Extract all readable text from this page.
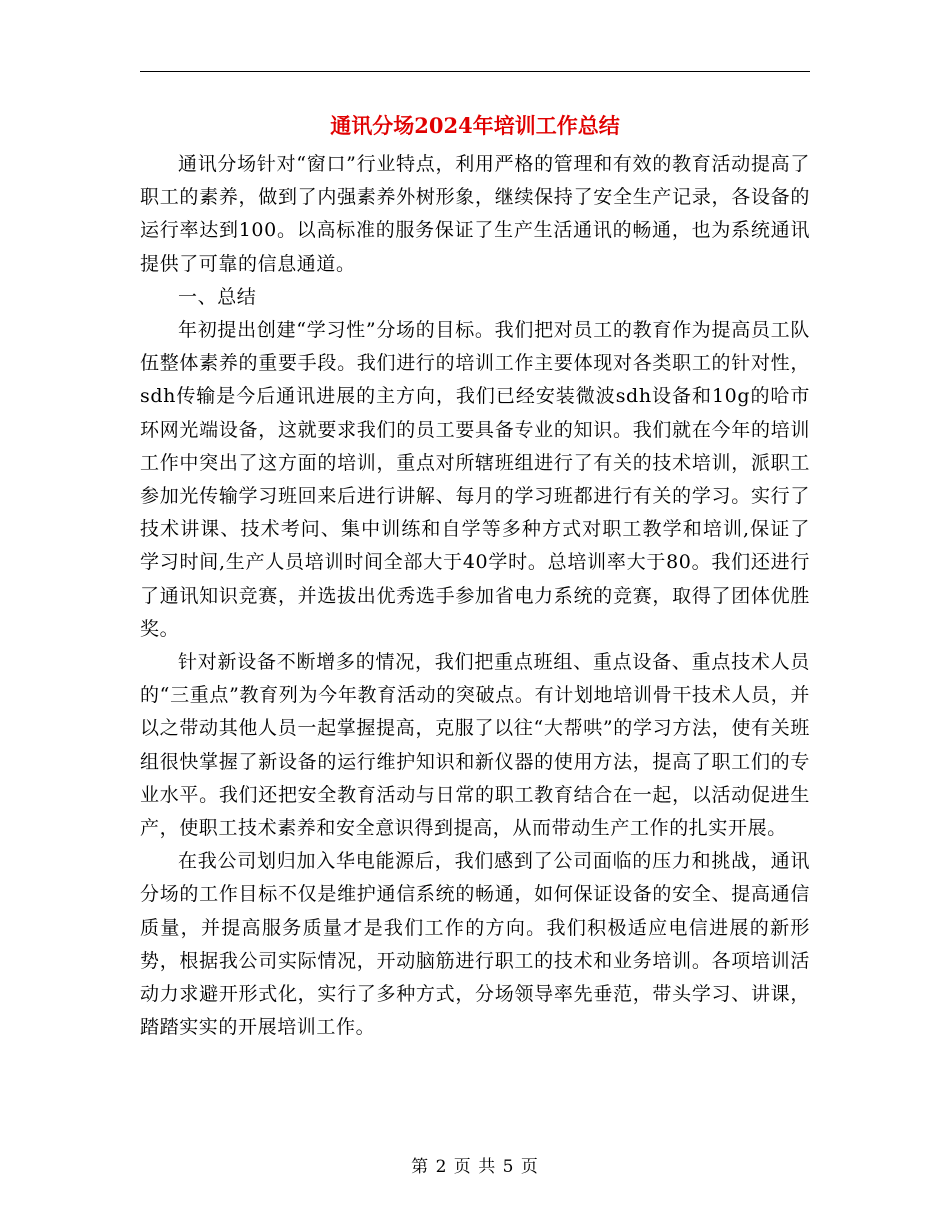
通讯分场2024年培训工作总结

通讯分场针对“窗口”行业特点，利用严格的管理和有效的教育活动提高了职工的素养，做到了内强素养外树形象，继续保持了安全生产记录，各设备的运行率达到100。以高标准的服务保证了生产生活通讯的畅通，也为系统通讯提供了可靠的信息通道。

一、总结

年初提出创建“学习性”分场的目标。我们把对员工的教育作为提高员工队伍整体素养的重要手段。我们进行的培训工作主要体现对各类职工的针对性，sdh传输是今后通讯进展的主方向，我们已经安装微波sdh设备和10g的哈市环网光端设备，这就要求我们的员工要具备专业的知识。我们就在今年的培训工作中突出了这方面的培训，重点对所辖班组进行了有关的技术培训，派职工参加光传输学习班回来后进行讲解、每月的学习班都进行有关的学习。实行了技术讲课、技术考问、集中训练和自学等多种方式对职工教学和培训,保证了学习时间,生产人员培训时间全部大于40学时。总培训率大于80。我们还进行了通讯知识竞赛，并选拔出优秀选手参加省电力系统的竞赛，取得了团体优胜奖。

针对新设备不断增多的情况，我们把重点班组、重点设备、重点技术人员的“三重点”教育列为今年教育活动的突破点。有计划地培训骨干技术人员，并以之带动其他人员一起掌握提高，克服了以往“大帮哄”的学习方法，使有关班组很快掌握了新设备的运行维护知识和新仪器的使用方法，提高了职工们的专业水平。我们还把安全教育活动与日常的职工教育结合在一起，以活动促进生产，使职工技术素养和安全意识得到提高，从而带动生产工作的扎实开展。

在我公司划归加入华电能源后，我们感到了公司面临的压力和挑战，通讯分场的工作目标不仅是维护通信系统的畅通，如何保证设备的安全、提高通信质量，并提高服务质量才是我们工作的方向。我们积极适应电信进展的新形势，根据我公司实际情况，开动脑筋进行职工的技术和业务培训。各项培训活动力求避开形式化，实行了多种方式，分场领导率先垂范，带头学习、讲课，踏踏实实的开展培训工作。

第 2 页 共 5 页
